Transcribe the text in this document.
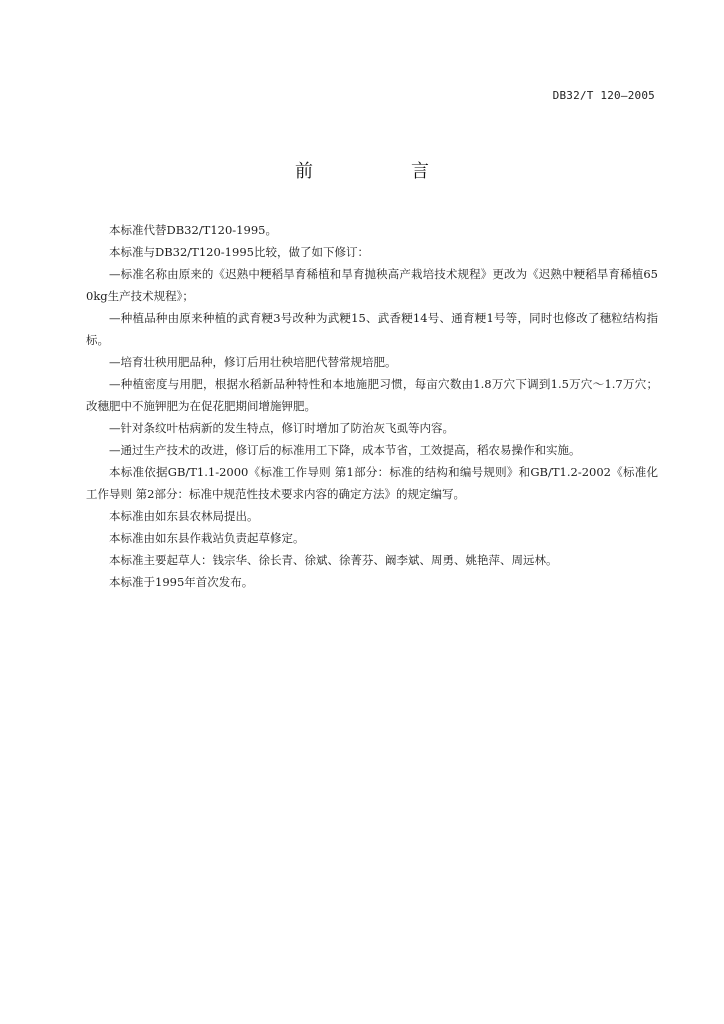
DB32/T 120—2005
前　言

本标准代替DB32/T120-1995。

本标准与DB32/T120-1995比较，做了如下修订：

—标准名称由原来的《迟熟中粳稻旱育稀植和旱育抛秧高产栽培技术规程》更改为《迟熟中粳稻旱育稀植650kg生产技术规程》；

—种植品种由原来种植的武育粳3号改种为武粳15、武香粳14号、通育粳1号等，同时也修改了穗粒结构指标。

—培育壮秧用肥品种，修订后用壮秧培肥代替常规培肥。

—种植密度与用肥，根据水稻新品种特性和本地施肥习惯，每亩穴数由1.8万穴下调到1.5万穴～1.7万穴；改穗肥中不施钾肥为在促花肥期间增施钾肥。

—针对条纹叶枯病新的发生特点，修订时增加了防治灰飞虱等内容。

—通过生产技术的改进，修订后的标准用工下降，成本节省，工效提高，稻农易操作和实施。

本标准依据GB/T1.1-2000《标准工作导则 第1部分：标准的结构和编号规则》和GB/T1.2-2002《标准化工作导则 第2部分：标准中规范性技术要求内容的确定方法》的规定编写。

本标准由如东县农林局提出。

本标准由如东县作栽站负责起草修定。

本标准主要起草人：钱宗华、徐长青、徐斌、徐菁芬、阚李斌、周勇、姚艳萍、周远林。

本标准于1995年首次发布。
